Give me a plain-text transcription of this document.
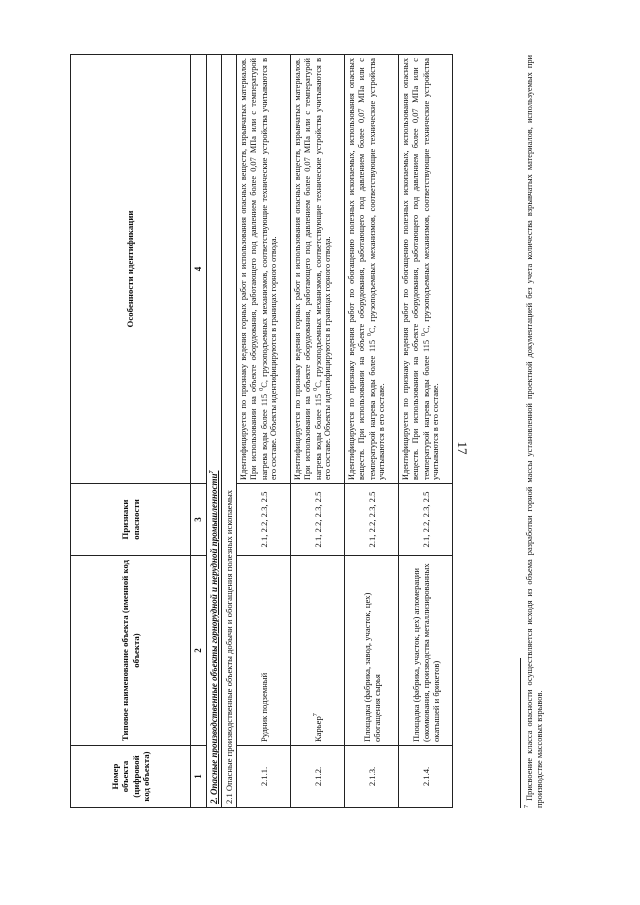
17
Номер объекта (цифровой код объекта)	Типовое наименование объекта (именной код объекта)	Признаки опасности	Особенности идентификации
1	2	3	4
2. Опасные производственные объекты горнорудной и нерудной промышленности$^7$
2.1 Опасные производственные объекты добычи и обогащения полезных ископаемых			
2.1.1.	Рудник подземный	2.1, 2.2, 2.3, 2.5	Идентифицируется по признаку ведения горных работ и использования опасных веществ, взрывчатых материалов. При использовании на объекте оборудования, работающего под давлением более 0,07 МПа или с температурой нагрева воды более 115 $^0$С, грузоподъемных механизмов, соответствующие технические устройства учитываются в его составе. Объекты идентифицируются в границах горного отвода.
2.1.2.	Карьер$^7$	2.1, 2.2, 2.3, 2.5	Идентифицируется по признаку ведения горных работ и использования опасных веществ, взрывчатых материалов. При использовании на объекте оборудования, работающего под давлением более 0,07 МПа или с температурой нагрева воды более 115 $^0$С, грузоподъемных механизмов, соответствующие технические устройства учитываются в его составе. Объекты идентифицируются в границах горного отвода.
2.1.3.	Площадка (фабрика, завод, участок, цех) обогащения сырья	2.1, 2.2, 2.3, 2.5	Идентифицируется по признаку ведения работ по обогащению полезных ископаемых, использования опасных веществ. При использовании на объекте оборудования, работающего под давлением более 0,07 МПа или с температурой нагрева воды более 115 $^0$С, грузоподъемных механизмов, соответствующие технические устройства учитываются в его составе.
2.1.4.	Площадка (фабрика, участок, цех) агломерации (окомкования, производства металлизированных окатышей и брикетов)	2.1, 2.2, 2.3, 2.5	Идентифицируется по признаку ведения работ по обогащению полезных ископаемых, использования опасных веществ. При использовании на объекте оборудования, работающего под давлением более 0,07 МПа или с температурой нагрева воды более 115 $^0$С, грузоподъемных механизмов, соответствующие технические устройства учитываются в его составе.
$^7$ Присвоение класса опасности осуществляется исходя из объема разработки горной массы установленной проектной документацией без учета количества взрывчатых материалов, используемых при производстве массовых взрывов.
